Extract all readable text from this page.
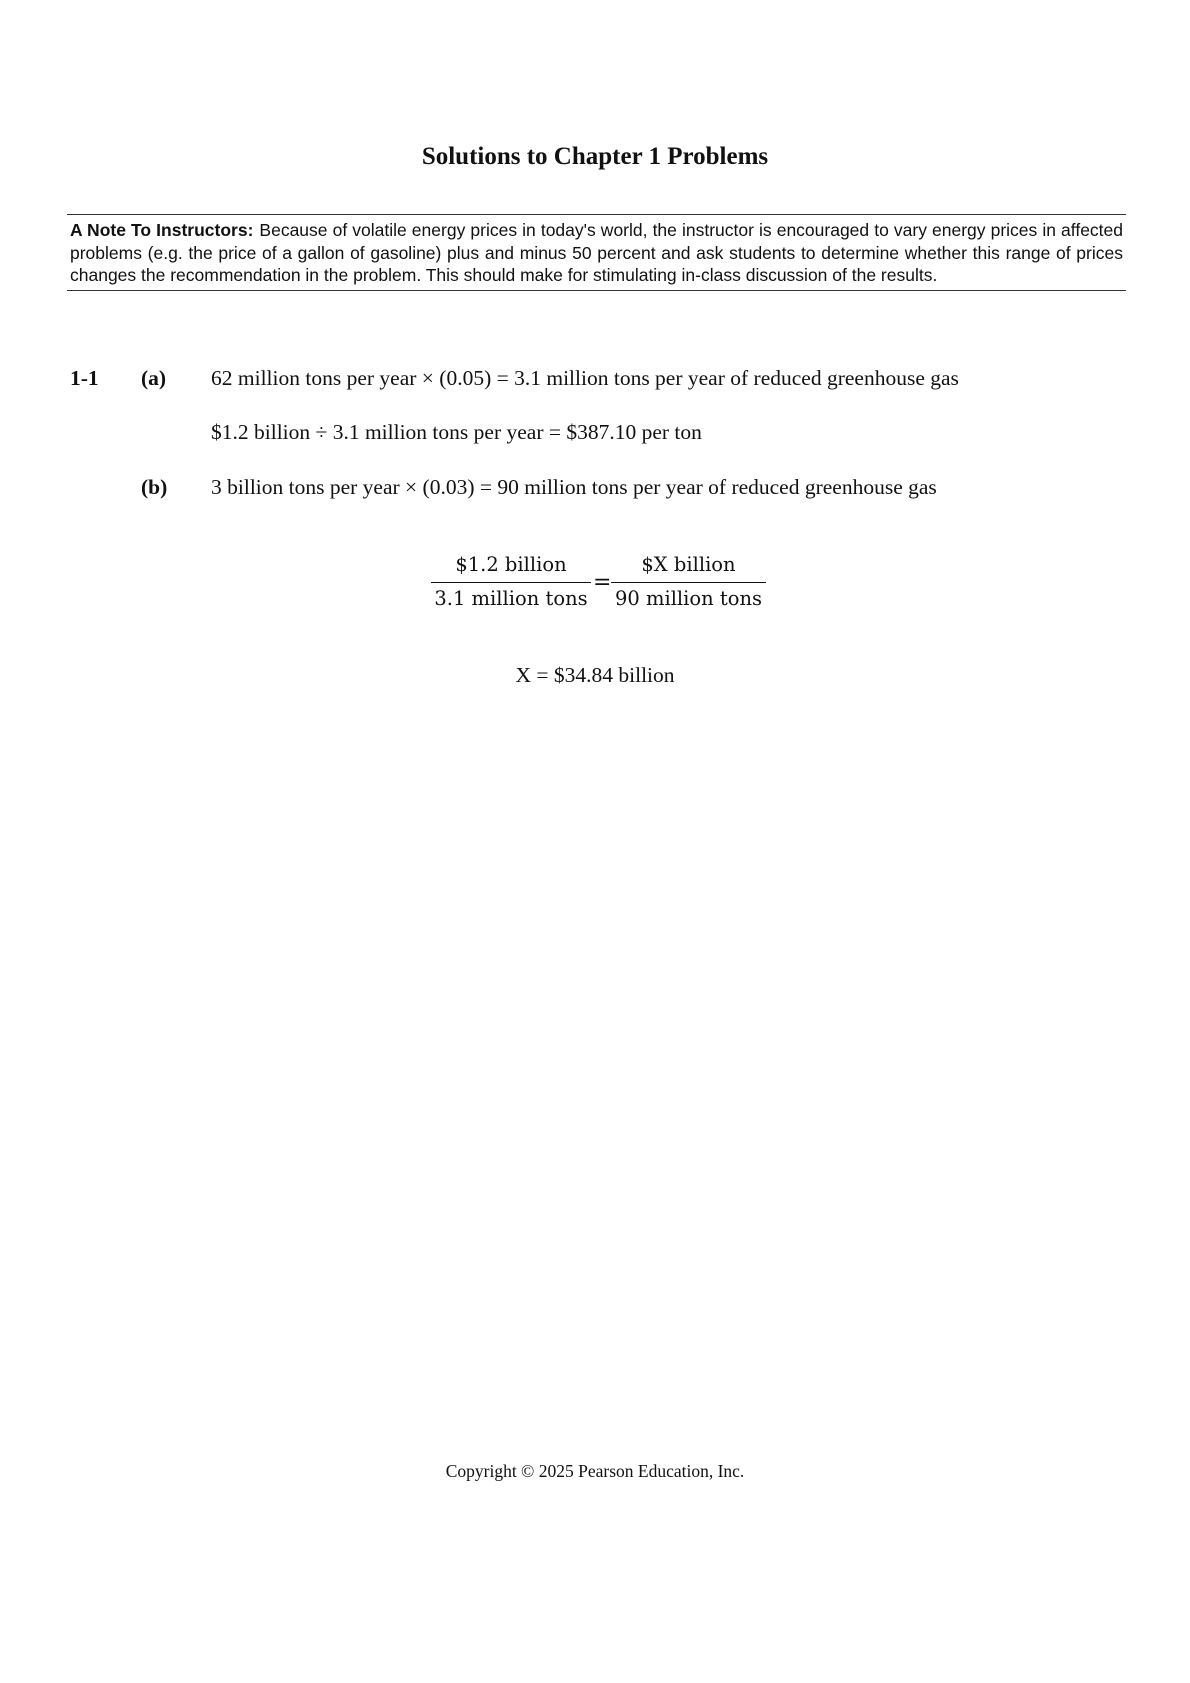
Solutions to Chapter 1 Problems
A Note To Instructors: Because of volatile energy prices in today's world, the instructor is encouraged to vary energy prices in affected problems (e.g. the price of a gallon of gasoline) plus and minus 50 percent and ask students to determine whether this range of prices changes the recommendation in the problem. This should make for stimulating in-class discussion of the results.
1-1 (a) 62 million tons per year × (0.05) = 3.1 million tons per year of reduced greenhouse gas
$1.2 billion ÷ 3.1 million tons per year = $387.10 per ton
(b) 3 billion tons per year × (0.03) = 90 million tons per year of reduced greenhouse gas
$1.2 billion
3.1 million tons
=
$X billion
90 million tons
X = $34.84 billion
Copyright © 2025 Pearson Education, Inc.
